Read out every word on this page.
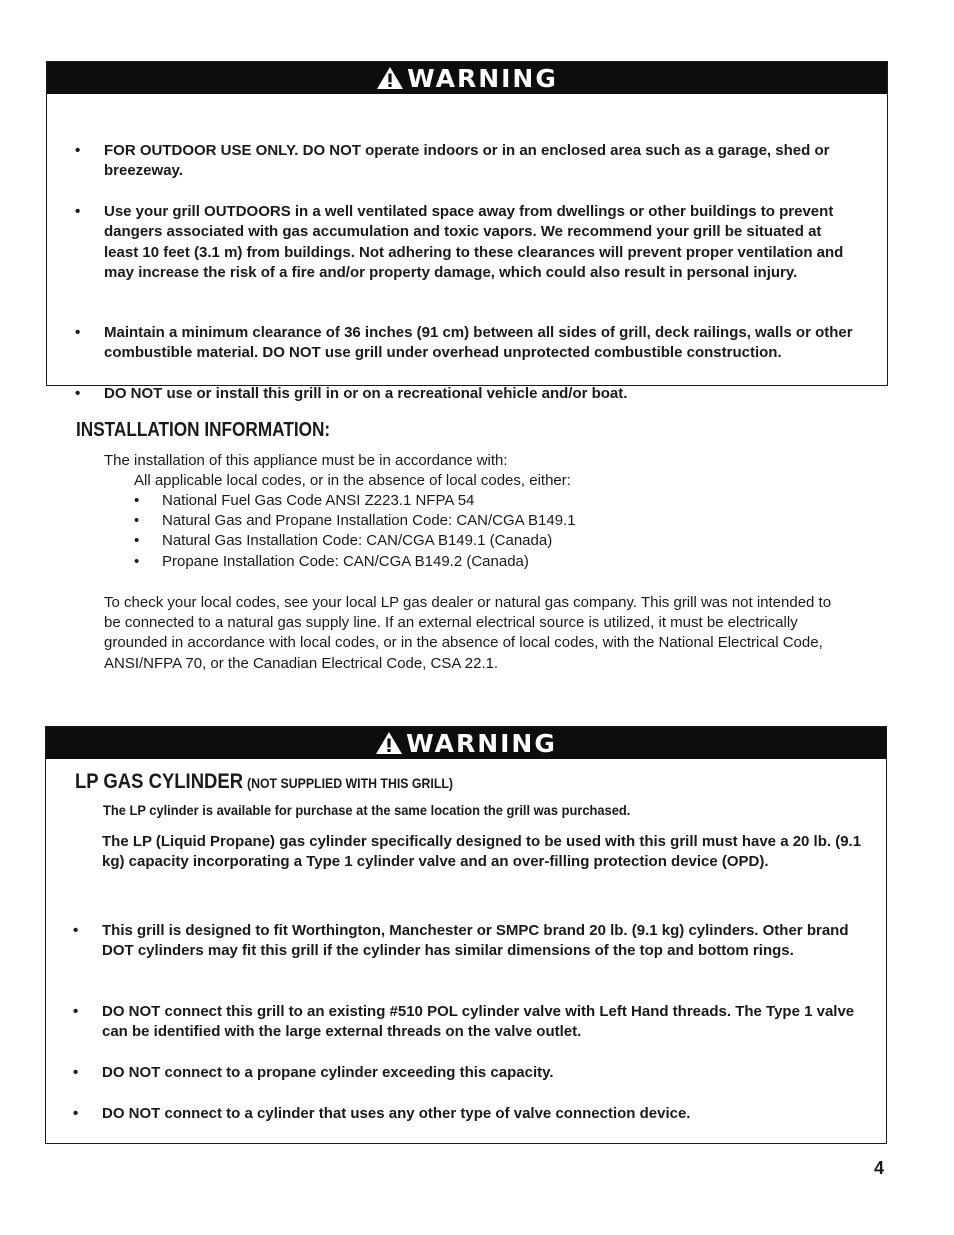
WARNING
• FOR OUTDOOR USE ONLY. DO NOT operate indoors or in an enclosed area such as a garage, shed or breezeway.
• Use your grill OUTDOORS in a well ventilated space away from dwellings or other buildings to prevent dangers associated with gas accumulation and toxic vapors. We recommend your grill be situated at least 10 feet (3.1 m) from buildings. Not adhering to these clearances will prevent proper ventilation and may increase the risk of a fire and/or property damage, which could also result in personal injury.
• Maintain a minimum clearance of 36 inches (91 cm) between all sides of grill, deck railings, walls or other combustible material. DO NOT use grill under overhead unprotected combustible construction.
• DO NOT use or install this grill in or on a recreational vehicle and/or boat.
INSTALLATION INFORMATION:
The installation of this appliance must be in accordance with:
All applicable local codes, or in the absence of local codes, either:
• National Fuel Gas Code ANSI Z223.1 NFPA 54
• Natural Gas and Propane Installation Code: CAN/CGA B149.1
• Natural Gas Installation Code: CAN/CGA B149.1 (Canada)
• Propane Installation Code: CAN/CGA B149.2 (Canada)
To check your local codes, see your local LP gas dealer or natural gas company. This grill was not intended to be connected to a natural gas supply line. If an external electrical source is utilized, it must be electrically grounded in accordance with local codes, or in the absence of local codes, with the National Electrical Code, ANSI/NFPA 70, or the Canadian Electrical Code, CSA 22.1.
WARNING
LP GAS CYLINDER (NOT SUPPLIED WITH THIS GRILL)
The LP cylinder is available for purchase at the same location the grill was purchased.
The LP (Liquid Propane) gas cylinder specifically designed to be used with this grill must have a 20 lb. (9.1 kg) capacity incorporating a Type 1 cylinder valve and an over-filling protection device (OPD).
• This grill is designed to fit Worthington, Manchester or SMPC brand 20 lb. (9.1 kg) cylinders. Other brand DOT cylinders may fit this grill if the cylinder has similar dimensions of the top and bottom rings.
• DO NOT connect this grill to an existing #510 POL cylinder valve with Left Hand threads. The Type 1 valve can be identified with the large external threads on the valve outlet.
• DO NOT connect to a propane cylinder exceeding this capacity.
• DO NOT connect to a cylinder that uses any other type of valve connection device.
4
